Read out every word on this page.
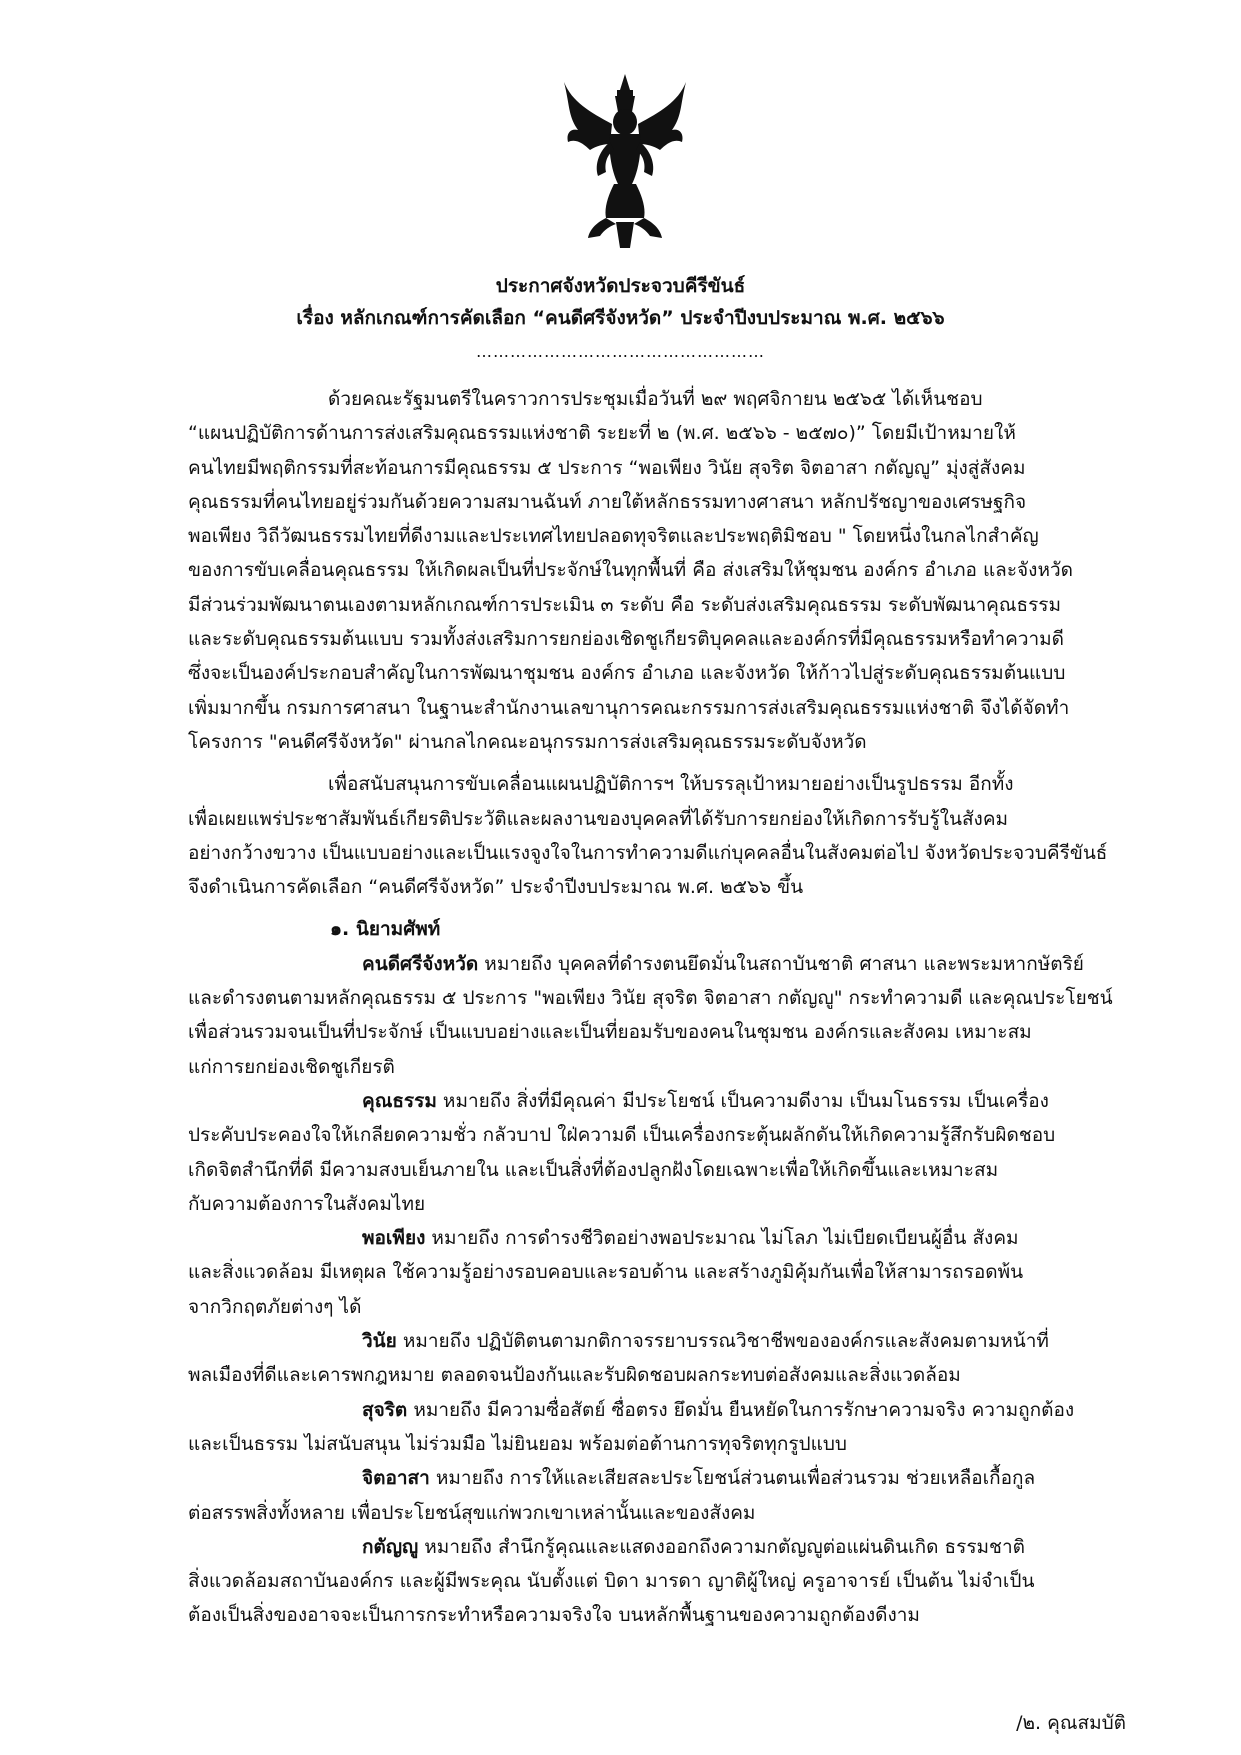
ประกาศจังหวัดประจวบคีรีขันธ์
เรื่อง หลักเกณฑ์การคัดเลือก “คนดีศรีจังหวัด” ประจำปีงบประมาณ พ.ศ. ๒๕๖๖
……………………………………………
ด้วยคณะรัฐมนตรีในคราวการประชุมเมื่อวันที่ ๒๙ พฤศจิกายน ๒๕๖๕ ได้เห็นชอบ
“แผนปฏิบัติการด้านการส่งเสริมคุณธรรมแห่งชาติ ระยะที่ ๒ (พ.ศ. ๒๕๖๖ - ๒๕๗๐)” โดยมีเป้าหมายให้
คนไทยมีพฤติกรรมที่สะท้อนการมีคุณธรรม ๕ ประการ “พอเพียง วินัย สุจริต จิตอาสา กตัญญู” มุ่งสู่สังคม
คุณธรรมที่คนไทยอยู่ร่วมกันด้วยความสมานฉันท์ ภายใต้หลักธรรมทางศาสนา หลักปรัชญาของเศรษฐกิจ
พอเพียง วิถีวัฒนธรรมไทยที่ดีงามและประเทศไทยปลอดทุจริตและประพฤติมิชอบ " โดยหนึ่งในกลไกสำคัญ
ของการขับเคลื่อนคุณธรรม ให้เกิดผลเป็นที่ประจักษ์ในทุกพื้นที่ คือ ส่งเสริมให้ชุมชน องค์กร อำเภอ และจังหวัด
มีส่วนร่วมพัฒนาตนเองตามหลักเกณฑ์การประเมิน ๓ ระดับ คือ ระดับส่งเสริมคุณธรรม ระดับพัฒนาคุณธรรม
และระดับคุณธรรมต้นแบบ รวมทั้งส่งเสริมการยกย่องเชิดชูเกียรติบุคคลและองค์กรที่มีคุณธรรมหรือทำความดี
ซึ่งจะเป็นองค์ประกอบสำคัญในการพัฒนาชุมชน องค์กร อำเภอ และจังหวัด ให้ก้าวไปสู่ระดับคุณธรรมต้นแบบ
เพิ่มมากขึ้น กรมการศาสนา ในฐานะสำนักงานเลขานุการคณะกรรมการส่งเสริมคุณธรรมแห่งชาติ จึงได้จัดทำ
โครงการ "คนดีศรีจังหวัด" ผ่านกลไกคณะอนุกรรมการส่งเสริมคุณธรรมระดับจังหวัด
เพื่อสนับสนุนการขับเคลื่อนแผนปฏิบัติการฯ ให้บรรลุเป้าหมายอย่างเป็นรูปธรรม อีกทั้ง
เพื่อเผยแพร่ประชาสัมพันธ์เกียรติประวัติและผลงานของบุคคลที่ได้รับการยกย่องให้เกิดการรับรู้ในสังคม
อย่างกว้างขวาง เป็นแบบอย่างและเป็นแรงจูงใจในการทำความดีแก่บุคคลอื่นในสังคมต่อไป จังหวัดประจวบคีรีขันธ์
จึงดำเนินการคัดเลือก “คนดีศรีจังหวัด” ประจำปีงบประมาณ พ.ศ. ๒๕๖๖ ขึ้น
๑. นิยามศัพท์
คนดีศรีจังหวัด หมายถึง บุคคลที่ดำรงตนยึดมั่นในสถาบันชาติ ศาสนา และพระมหากษัตริย์
และดำรงตนตามหลักคุณธรรม ๕ ประการ "พอเพียง วินัย สุจริต จิตอาสา กตัญญู" กระทำความดี และคุณประโยชน์
เพื่อส่วนรวมจนเป็นที่ประจักษ์ เป็นแบบอย่างและเป็นที่ยอมรับของคนในชุมชน องค์กรและสังคม เหมาะสม
แก่การยกย่องเชิดชูเกียรติ
คุณธรรม หมายถึง สิ่งที่มีคุณค่า มีประโยชน์ เป็นความดีงาม เป็นมโนธรรม เป็นเครื่อง
ประคับประคองใจให้เกลียดความชั่ว กลัวบาป ใฝ่ความดี เป็นเครื่องกระตุ้นผลักดันให้เกิดความรู้สึกรับผิดชอบ
เกิดจิตสำนึกที่ดี มีความสงบเย็นภายใน และเป็นสิ่งที่ต้องปลูกฝังโดยเฉพาะเพื่อให้เกิดขึ้นและเหมาะสม
กับความต้องการในสังคมไทย
พอเพียง หมายถึง การดำรงชีวิตอย่างพอประมาณ ไม่โลภ ไม่เบียดเบียนผู้อื่น สังคม
และสิ่งแวดล้อม มีเหตุผล ใช้ความรู้อย่างรอบคอบและรอบด้าน และสร้างภูมิคุ้มกันเพื่อให้สามารถรอดพ้น
จากวิกฤตภัยต่างๆ ได้
วินัย หมายถึง ปฏิบัติตนตามกติกาจรรยาบรรณวิชาชีพขององค์กรและสังคมตามหน้าที่
พลเมืองที่ดีและเคารพกฎหมาย ตลอดจนป้องกันและรับผิดชอบผลกระทบต่อสังคมและสิ่งแวดล้อม
สุจริต หมายถึง มีความซื่อสัตย์ ซื่อตรง ยึดมั่น ยืนหยัดในการรักษาความจริง ความถูกต้อง
และเป็นธรรม ไม่สนับสนุน ไม่ร่วมมือ ไม่ยินยอม พร้อมต่อต้านการทุจริตทุกรูปแบบ
จิตอาสา หมายถึง การให้และเสียสละประโยชน์ส่วนตนเพื่อส่วนรวม ช่วยเหลือเกื้อกูล
ต่อสรรพสิ่งทั้งหลาย เพื่อประโยชน์สุขแก่พวกเขาเหล่านั้นและของสังคม
กตัญญู หมายถึง สำนึกรู้คุณและแสดงออกถึงความกตัญญูต่อแผ่นดินเกิด ธรรมชาติ
สิ่งแวดล้อมสถาบันองค์กร และผู้มีพระคุณ นับตั้งแต่ บิดา มารดา ญาติผู้ใหญ่ ครูอาจารย์ เป็นต้น ไม่จำเป็น
ต้องเป็นสิ่งของอาจจะเป็นการกระทำหรือความจริงใจ บนหลักพื้นฐานของความถูกต้องดีงาม
/๒. คุณสมบัติ
